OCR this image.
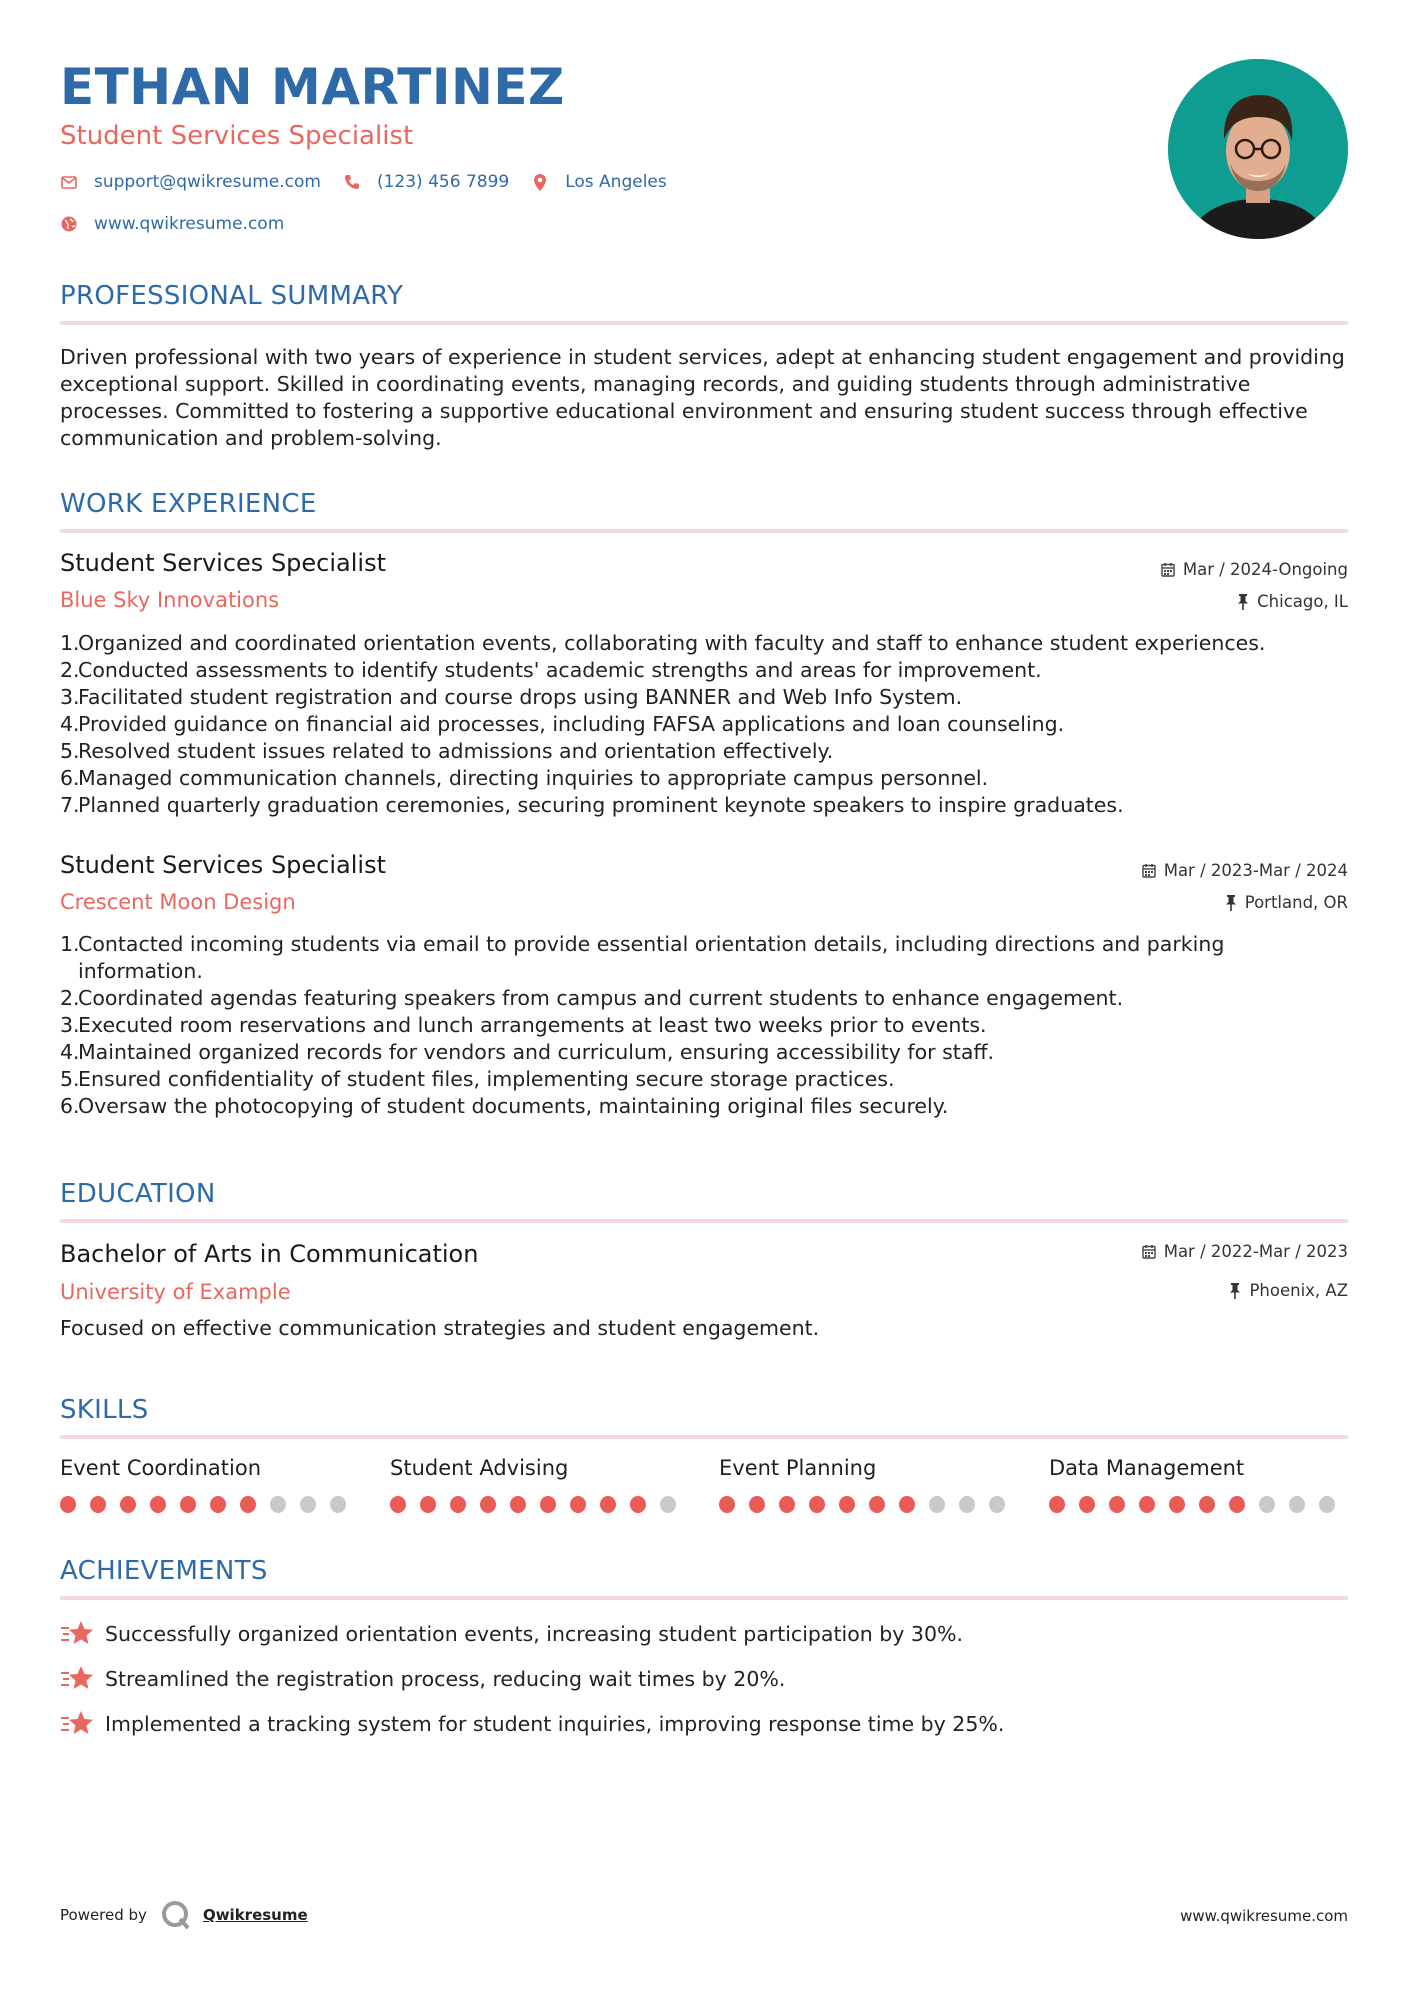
ETHAN MARTINEZ
Student Services Specialist
support@qwikresume.com	(123) 456 7899	Los Angeles
www.qwikresume.com
PROFESSIONAL SUMMARY

Driven professional with two years of experience in student services, adept at enhancing student engagement and providing exceptional support. Skilled in coordinating events, managing records, and guiding students through administrative processes. Committed to fostering a supportive educational environment and ensuring student success through effective communication and problem-solving.

WORK EXPERIENCE
Student Services Specialist
Blue Sky Innovations
Mar / 2024-Ongoing
Chicago, IL
1.
Organized and coordinated orientation events, collaborating with faculty and staff to enhance student experiences.
2.
Conducted assessments to identify students' academic strengths and areas for improvement.
3.
Facilitated student registration and course drops using BANNER and Web Info System.
4.
Provided guidance on financial aid processes, including FAFSA applications and loan counseling.
5.
Resolved student issues related to admissions and orientation effectively.
6.
Managed communication channels, directing inquiries to appropriate campus personnel.
7.
Planned quarterly graduation ceremonies, securing prominent keynote speakers to inspire graduates.
Student Services Specialist
Crescent Moon Design
Mar / 2023-Mar / 2024
Portland, OR
1.
Contacted incoming students via email to provide essential orientation details, including directions and parking information.
2.
Coordinated agendas featuring speakers from campus and current students to enhance engagement.
3.
Executed room reservations and lunch arrangements at least two weeks prior to events.
4.
Maintained organized records for vendors and curriculum, ensuring accessibility for staff.
5.
Ensured confidentiality of student files, implementing secure storage practices.
6.
Oversaw the photocopying of student documents, maintaining original files securely.
EDUCATION
Bachelor of Arts in Communication
University of Example
Mar / 2022-Mar / 2023
Phoenix, AZ
Focused on effective communication strategies and student engagement.
SKILLS
Event Coordination	Student Advising	Event Planning	Data Management
ACHIEVEMENTS
Successfully organized orientation events, increasing student participation by 30%.
Streamlined the registration process, reducing wait times by 20%.
Implemented a tracking system for student inquiries, improving response time by 25%.
Powered by	Qwikresume	www.qwikresume.com
